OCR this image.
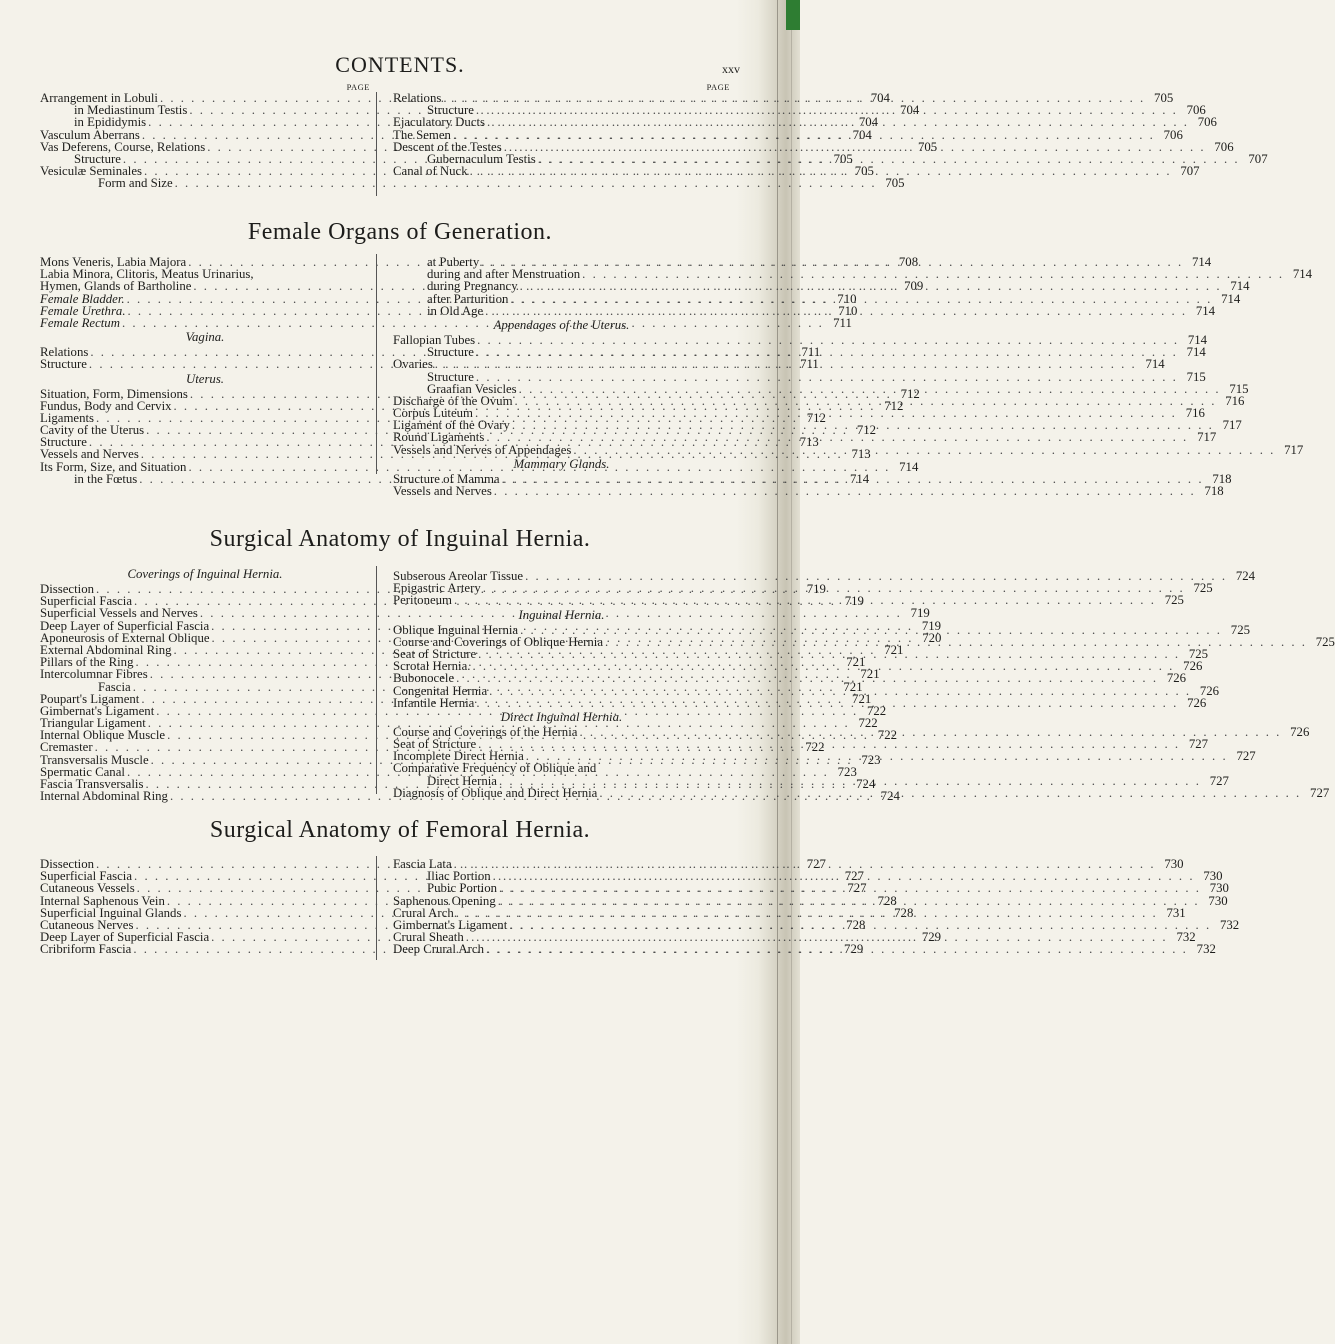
CONTENTS.	xxv
PAGE
Arrangement in Lobuli . . .	704
in Mediastinum Testis . . .	704
in Epididymis . . .	704
Vasculum Aberrans . . .	704
Vas Deferens, Course, Relations . . .	705
Structure . . .	705
Vesiculæ Seminales . . .	705
Form and Size . . .	705
PAGE
Relations . . .	705
Structure . . .	706
Ejaculatory Ducts . . .	706
The Semen . . .	706
Descent of the Testes . . .	706
Gubernaculum Testis . . .	707
Canal of Nuck . . .	707
Female Organs of Generation.
Mons Veneris, Labia Majora . . .	708
Labia Minora, Clitoris, Meatus Urinarius,
Hymen, Glands of Bartholine . . .	709
Female Bladder. . . .	710
Female Urethra. . . .	710
Female Rectum . . .	711
Vagina.
Relations . . .	711
Structure . . .	711
Uterus.
Situation, Form, Dimensions . . .	712
Fundus, Body and Cervix . . .	712
Ligaments . . .	712
Cavity of the Uterus . . .	712
Structure . . .	713
Vessels and Nerves . . .	713
Its Form, Size, and Situation . . .	714
in the Fœtus . . .	714
at Puberty . . .	714
during and after Menstruation . . .	714
during Pregnancy . . .	714
after Parturition . . .	714
in Old Age . . .	714
Appendages of the Uterus.
Fallopian Tubes . . .	714
Structure . . .	714
Ovaries . . .	714
Structure . . .	715
Graafian Vesicles . . .	715
Discharge of the Ovum . . .	716
Corpus Luteum . . .	716
Ligament of the Ovary . . .	717
Round Ligaments . . .	717
Vessels and Nerves of Appendages . . .	717
Mammary Glands.
Structure of Mamma . . .	718
Vessels and Nerves . . .	718
Surgical Anatomy of Inguinal Hernia.
Coverings of Inguinal Hernia.
Dissection . . .	719
Superficial Fascia . . .	719
Superficial Vessels and Nerves . . .	719
Deep Layer of Superficial Fascia . . .	719
Aponeurosis of External Oblique . . .	720
External Abdominal Ring . . .	721
Pillars of the Ring . . .	721
Intercolumnar Fibres . . .	721
Fascia . . .	721
Poupart's Ligament . . .	721
Gimbernat's Ligament . . .	722
Triangular Ligament . . .	722
Internal Oblique Muscle . . .	722
Cremaster . . .	722
Transversalis Muscle . . .	723
Spermatic Canal . . .	723
Fascia Transversalis . . .	724
Internal Abdominal Ring . . .	724
Subserous Areolar Tissue . . .	724
Epigastric Artery . . .	725
Peritoneum . . .	725
Inguinal Hernia.
Oblique Inguinal Hernia . . .	725
Course and Coverings of Oblique Hernia . . .	725
Seat of Stricture . . .	725
Scrotal Hernia. . . .	726
Bubonocele . . .	726
Congenital Hernia . . .	726
Infantile Hernia . . .	726
Direct Inguinal Hernia.
Course and Coverings of the Hernia . . .	726
Seat of Stricture . . .	727
Incomplete Direct Hernia . . .	727
Comparative Frequency of Oblique and
Direct Hernia . . .	727
Diagnosis of Oblique and Direct Hernia . . .	727
Surgical Anatomy of Femoral Hernia.
Dissection . . .	727
Superficial Fascia . . .	727
Cutaneous Vessels . . .	727
Internal Saphenous Vein . . .	728
Superficial Inguinal Glands . . .	728
Cutaneous Nerves . . .	728
Deep Layer of Superficial Fascia . . .	729
Cribriform Fascia . . .	729
Fascia Lata . . .	730
Iliac Portion . . .	730
Pubic Portion . . .	730
Saphenous Opening . . .	730
Crural Arch . . .	731
Gimbernat's Ligament . . .	732
Crural Sheath . . .	732
Deep Crural Arch . . .	732
